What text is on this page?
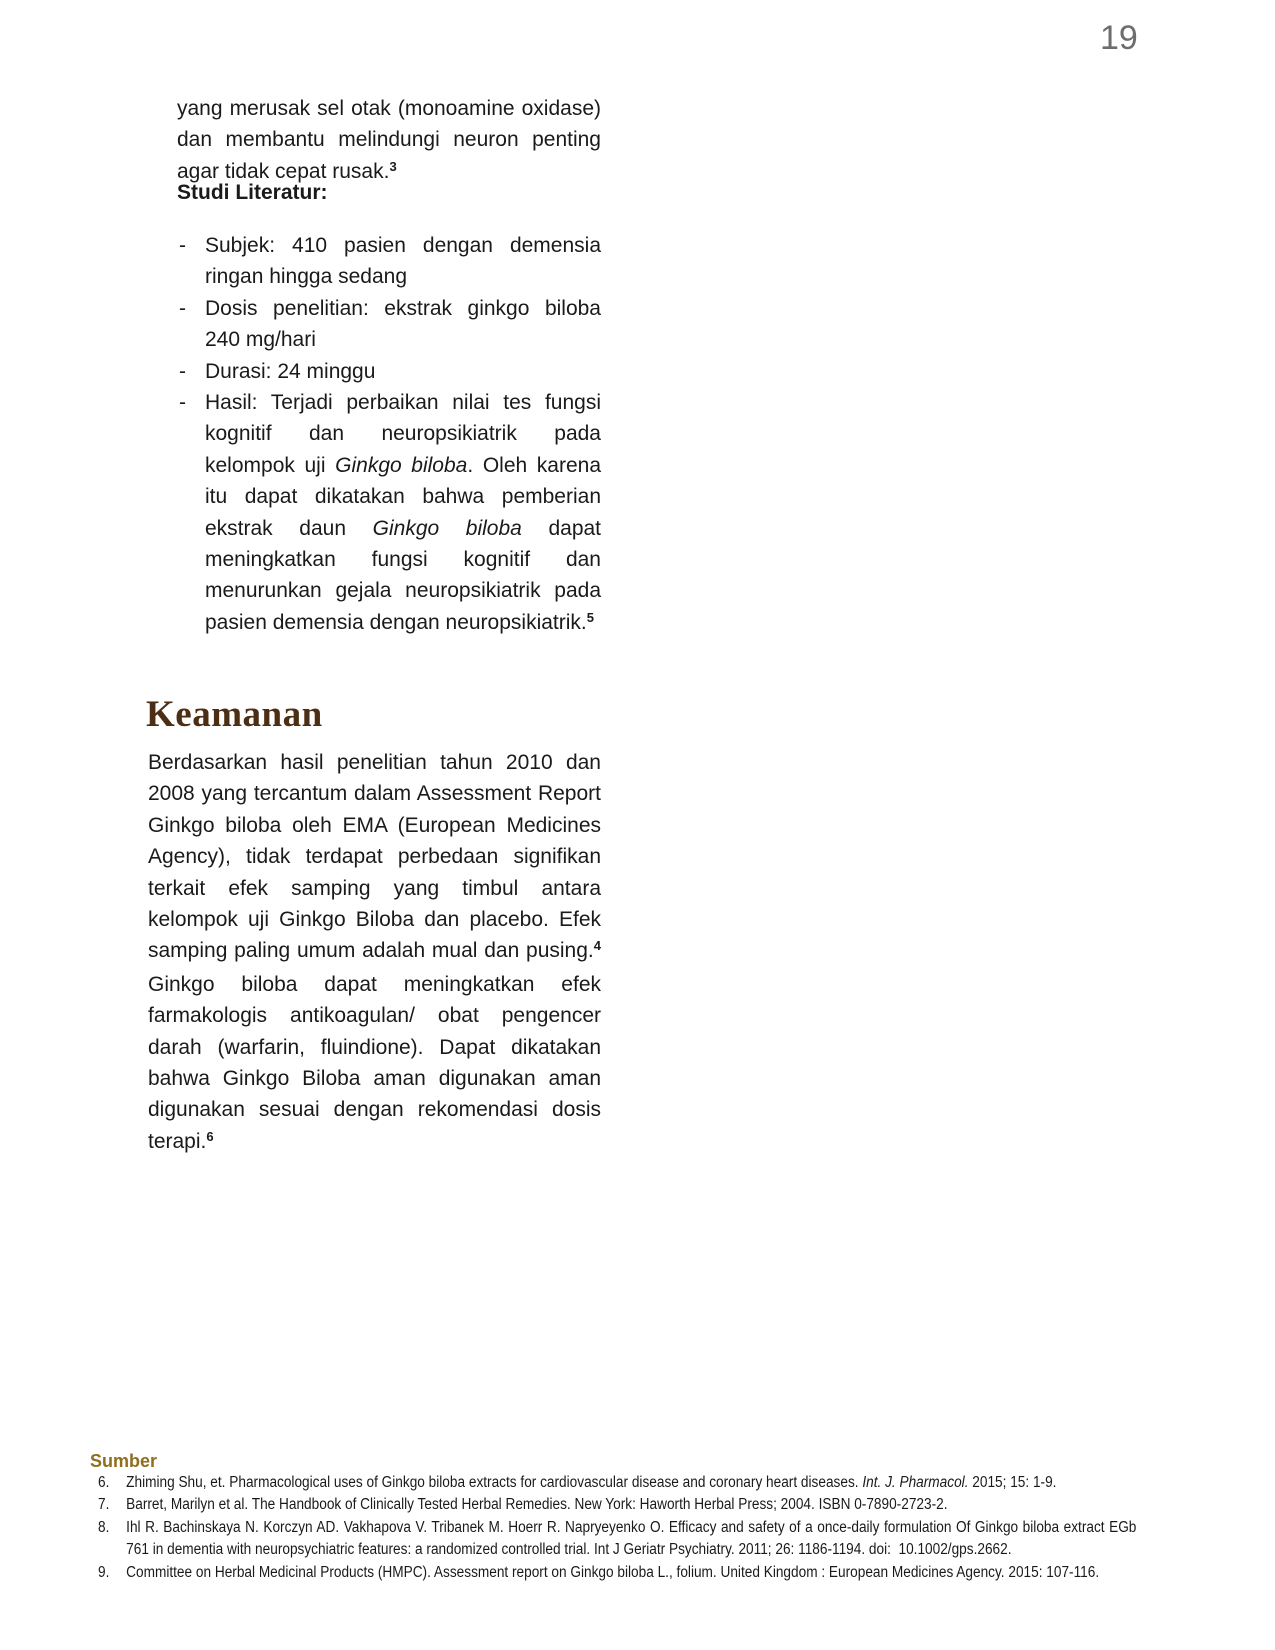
19

yang merusak sel otak (monoamine oxidase) dan membantu melindungi neuron penting agar tidak cepat rusak.$^3$

Studi Literatur:
- Subjek: 410 pasien dengan demensia ringan hingga sedang
- Dosis penelitian: ekstrak ginkgo biloba 240 mg/hari
- Durasi: 24 minggu
- Hasil: Terjadi perbaikan nilai tes fungsi kognitif dan neuropsikiatrik pada kelompok uji Ginkgo biloba. Oleh karena itu dapat dikatakan bahwa pemberian ekstrak daun Ginkgo biloba dapat meningkatkan fungsi kognitif dan menurunkan gejala neuropsikiatrik pada pasien demensia dengan neuropsikiatrik.$^5$
Keamanan

Berdasarkan hasil penelitian tahun 2010 dan 2008 yang tercantum dalam Assessment Report Ginkgo biloba oleh EMA (European Medicines Agency), tidak terdapat perbedaan signifikan terkait efek samping yang timbul antara kelompok uji Ginkgo Biloba dan placebo. Efek samping paling umum adalah mual dan pusing.$^4$ Ginkgo biloba dapat meningkatkan efek farmakologis antikoagulan/ obat pengencer darah (warfarin, fluindione). Dapat dikatakan bahwa Ginkgo Biloba aman digunakan aman digunakan sesuai dengan rekomendasi dosis terapi.$^6$

Sumber
6.	Zhiming Shu, et. Pharmacological uses of Ginkgo biloba extracts for cardiovascular disease and coronary heart diseases. Int. J. Pharmacol. 2015; 15: 1-9.
7.	Barret, Marilyn et al. The Handbook of Clinically Tested Herbal Remedies. New York: Haworth Herbal Press; 2004. ISBN 0-7890-2723-2.
8.	Ihl R. Bachinskaya N. Korczyn AD. Vakhapova V. Tribanek M. Hoerr R. Napryeyenko O. Efficacy and safety of a once-daily formulation Of Ginkgo biloba extract EGb 761 in dementia with neuropsychiatric features: a randomized controlled trial. Int J Geriatr Psychiatry. 2011; 26: 1186-1194. doi:  10.1002/gps.2662.
9.	Committee on Herbal Medicinal Products (HMPC). Assessment report on Ginkgo biloba L., folium. United Kingdom : European Medicines Agency. 2015: 107-116.
